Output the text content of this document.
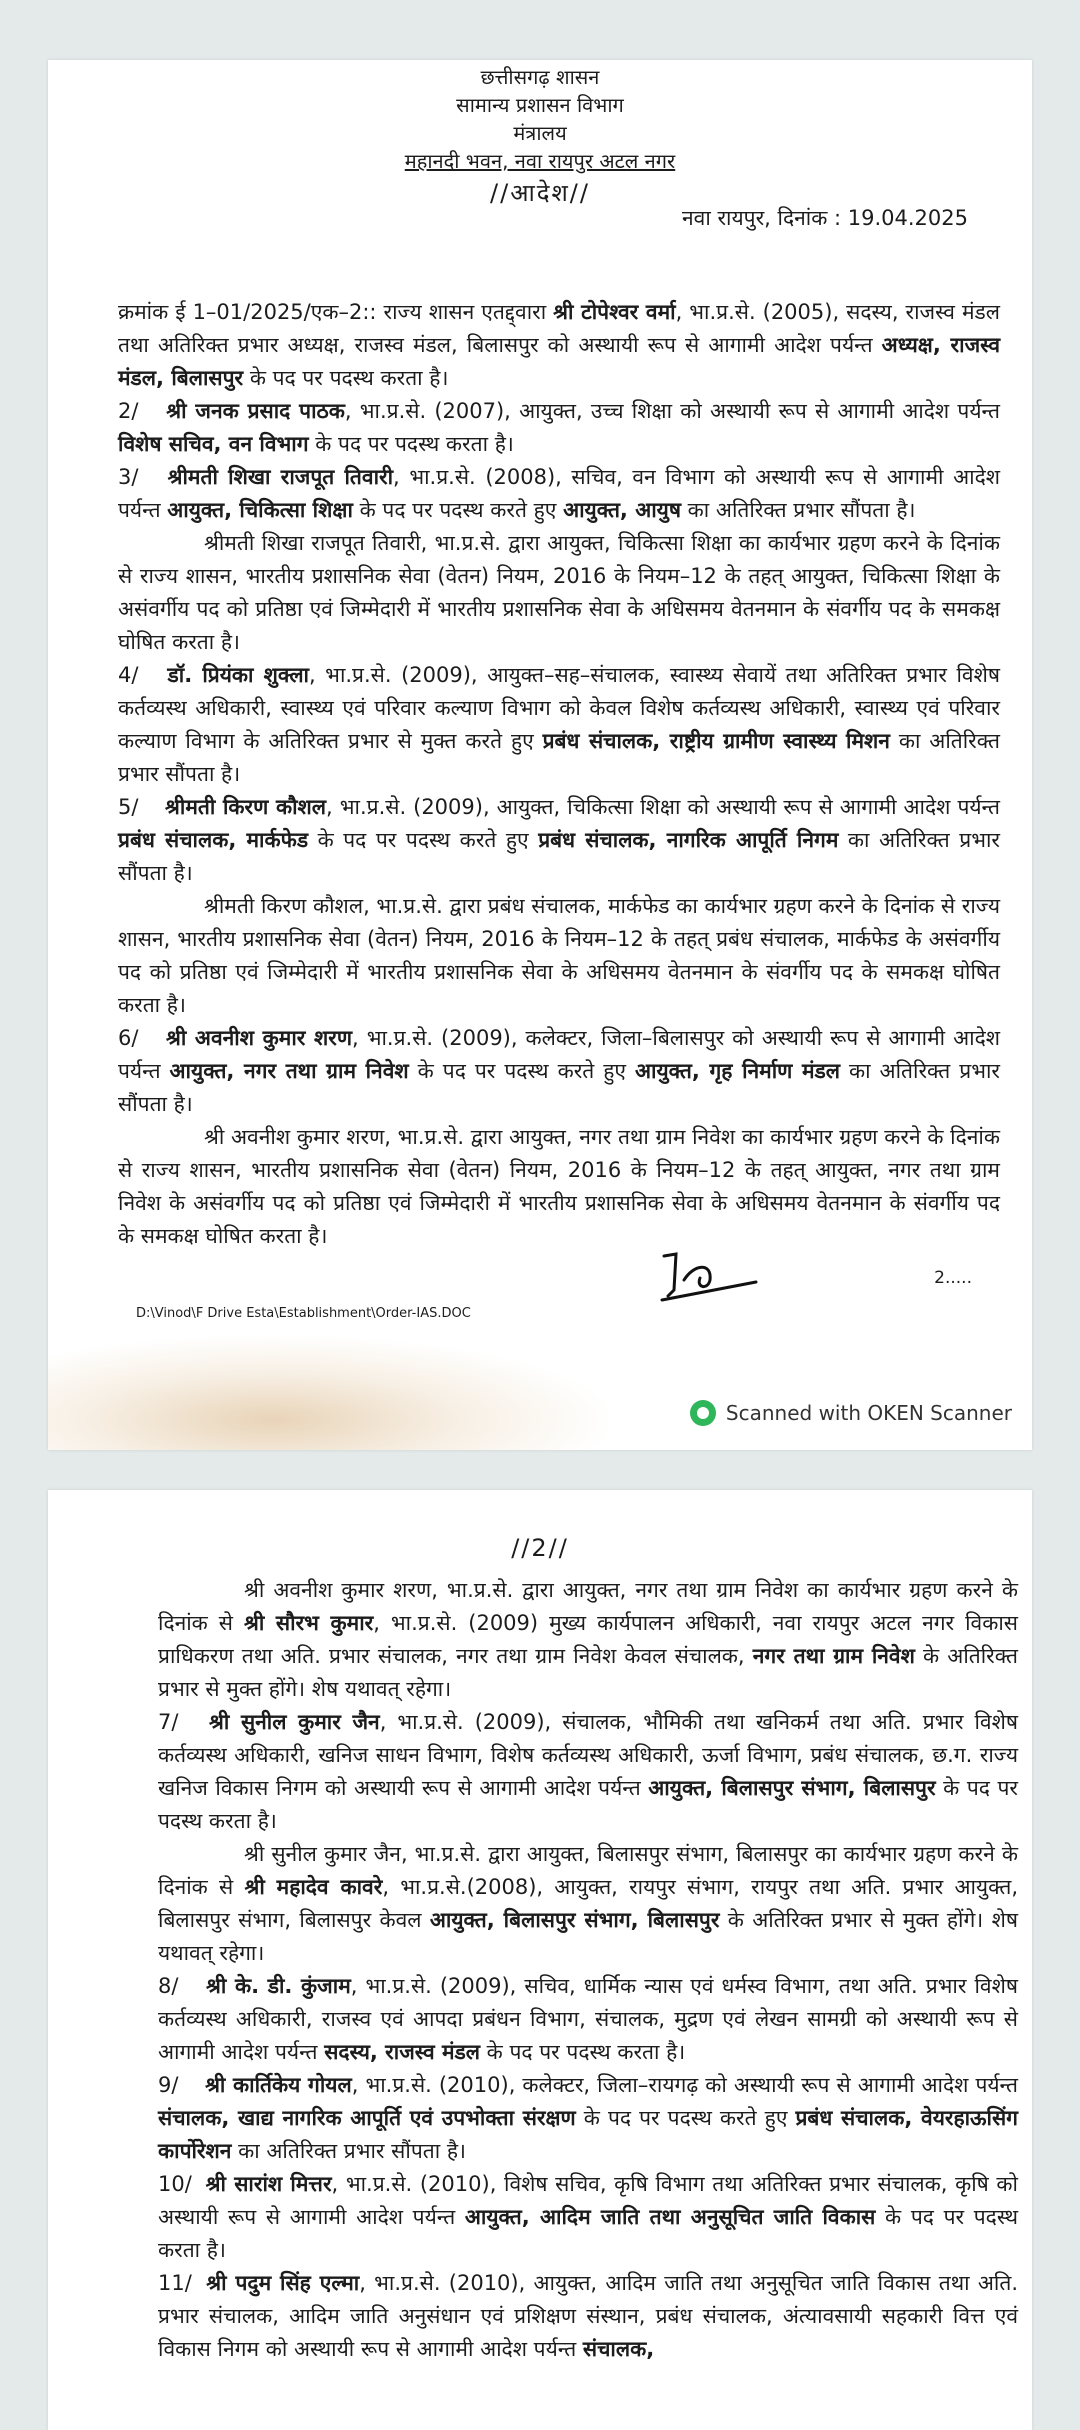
छत्तीसगढ़ शासन
सामान्य प्रशासन विभाग
मंत्रालय
महानदी भवन, नवा रायपुर अटल नगर
//आदेश//
नवा रायपुर, दिनांक : 19.04.2025

क्रमांक ई 1–01/2025/एक–2:: राज्य शासन एतद्द्वारा श्री टोपेश्वर वर्मा, भा.प्र.से. (2005), सदस्य, राजस्व मंडल तथा अतिरिक्त प्रभार अध्यक्ष, राजस्व मंडल, बिलासपुर को अस्थायी रूप से आगामी आदेश पर्यन्त अध्यक्ष, राजस्व मंडल, बिलासपुर के पद पर पदस्थ करता है।

2/ श्री जनक प्रसाद पाठक, भा.प्र.से. (2007), आयुक्त, उच्च शिक्षा को अस्थायी रूप से आगामी आदेश पर्यन्त विशेष सचिव, वन विभाग के पद पर पदस्थ करता है।

3/ श्रीमती शिखा राजपूत तिवारी, भा.प्र.से. (2008), सचिव, वन विभाग को अस्थायी रूप से आगामी आदेश पर्यन्त आयुक्त, चिकित्सा शिक्षा के पद पर पदस्थ करते हुए आयुक्त, आयुष का अतिरिक्त प्रभार सौंपता है।

श्रीमती शिखा राजपूत तिवारी, भा.प्र.से. द्वारा आयुक्त, चिकित्सा शिक्षा का कार्यभार ग्रहण करने के दिनांक से राज्य शासन, भारतीय प्रशासनिक सेवा (वेतन) नियम, 2016 के नियम–12 के तहत् आयुक्त, चिकित्सा शिक्षा के असंवर्गीय पद को प्रतिष्ठा एवं जिम्मेदारी में भारतीय प्रशासनिक सेवा के अधिसमय वेतनमान के संवर्गीय पद के समकक्ष घोषित करता है।

4/ डॉ. प्रियंका शुक्ला, भा.प्र.से. (2009), आयुक्त–सह–संचालक, स्वास्थ्य सेवायें तथा अतिरिक्त प्रभार विशेष कर्तव्यस्थ अधिकारी, स्वास्थ्य एवं परिवार कल्याण विभाग को केवल विशेष कर्तव्यस्थ अधिकारी, स्वास्थ्य एवं परिवार कल्याण विभाग के अतिरिक्त प्रभार से मुक्त करते हुए प्रबंध संचालक, राष्ट्रीय ग्रामीण स्वास्थ्य मिशन का अतिरिक्त प्रभार सौंपता है।

5/ श्रीमती किरण कौशल, भा.प्र.से. (2009), आयुक्त, चिकित्सा शिक्षा को अस्थायी रूप से आगामी आदेश पर्यन्त प्रबंध संचालक, मार्कफेड के पद पर पदस्थ करते हुए प्रबंध संचालक, नागरिक आपूर्ति निगम का अतिरिक्त प्रभार सौंपता है।

श्रीमती किरण कौशल, भा.प्र.से. द्वारा प्रबंध संचालक, मार्कफेड का कार्यभार ग्रहण करने के दिनांक से राज्य शासन, भारतीय प्रशासनिक सेवा (वेतन) नियम, 2016 के नियम–12 के तहत् प्रबंध संचालक, मार्कफेड के असंवर्गीय पद को प्रतिष्ठा एवं जिम्मेदारी में भारतीय प्रशासनिक सेवा के अधिसमय वेतनमान के संवर्गीय पद के समकक्ष घोषित करता है।

6/ श्री अवनीश कुमार शरण, भा.प्र.से. (2009), कलेक्टर, जिला–बिलासपुर को अस्थायी रूप से आगामी आदेश पर्यन्त आयुक्त, नगर तथा ग्राम निवेश के पद पर पदस्थ करते हुए आयुक्त, गृह निर्माण मंडल का अतिरिक्त प्रभार सौंपता है।

श्री अवनीश कुमार शरण, भा.प्र.से. द्वारा आयुक्त, नगर तथा ग्राम निवेश का कार्यभार ग्रहण करने के दिनांक से राज्य शासन, भारतीय प्रशासनिक सेवा (वेतन) नियम, 2016 के नियम–12 के तहत् आयुक्त, नगर तथा ग्राम निवेश के असंवर्गीय पद को प्रतिष्ठा एवं जिम्मेदारी में भारतीय प्रशासनिक सेवा के अधिसमय वेतनमान के संवर्गीय पद के समकक्ष घोषित करता है।

2.....
D:\Vinod\F Drive Esta\Establishment\Order-IAS.DOC
Scanned with OKEN Scanner
//2//

श्री अवनीश कुमार शरण, भा.प्र.से. द्वारा आयुक्त, नगर तथा ग्राम निवेश का कार्यभार ग्रहण करने के दिनांक से श्री सौरभ कुमार, भा.प्र.से. (2009) मुख्य कार्यपालन अधिकारी, नवा रायपुर अटल नगर विकास प्राधिकरण तथा अति. प्रभार संचालक, नगर तथा ग्राम निवेश केवल संचालक, नगर तथा ग्राम निवेश के अतिरिक्त प्रभार से मुक्त होंगे। शेष यथावत् रहेगा।

7/ श्री सुनील कुमार जैन, भा.प्र.से. (2009), संचालक, भौमिकी तथा खनिकर्म तथा अति. प्रभार विशेष कर्तव्यस्थ अधिकारी, खनिज साधन विभाग, विशेष कर्तव्यस्थ अधिकारी, ऊर्जा विभाग, प्रबंध संचालक, छ.ग. राज्य खनिज विकास निगम को अस्थायी रूप से आगामी आदेश पर्यन्त आयुक्त, बिलासपुर संभाग, बिलासपुर के पद पर पदस्थ करता है।

श्री सुनील कुमार जैन, भा.प्र.से. द्वारा आयुक्त, बिलासपुर संभाग, बिलासपुर का कार्यभार ग्रहण करने के दिनांक से श्री महादेव कावरे, भा.प्र.से.(2008), आयुक्त, रायपुर संभाग, रायपुर तथा अति. प्रभार आयुक्त, बिलासपुर संभाग, बिलासपुर केवल आयुक्त, बिलासपुर संभाग, बिलासपुर के अतिरिक्त प्रभार से मुक्त होंगे। शेष यथावत् रहेगा।

8/ श्री के. डी. कुंजाम, भा.प्र.से. (2009), सचिव, धार्मिक न्यास एवं धर्मस्व विभाग, तथा अति. प्रभार विशेष कर्तव्यस्थ अधिकारी, राजस्व एवं आपदा प्रबंधन विभाग, संचालक, मुद्रण एवं लेखन सामग्री को अस्थायी रूप से आगामी आदेश पर्यन्त सदस्य, राजस्व मंडल के पद पर पदस्थ करता है।

9/ श्री कार्तिकेय गोयल, भा.प्र.से. (2010), कलेक्टर, जिला–रायगढ़ को अस्थायी रूप से आगामी आदेश पर्यन्त संचालक, खाद्य नागरिक आपूर्ति एवं उपभोक्ता संरक्षण के पद पर पदस्थ करते हुए प्रबंध संचालक, वेयरहाऊसिंग कार्पोरेशन का अतिरिक्त प्रभार सौंपता है।

10/ श्री सारांश मित्तर, भा.प्र.से. (2010), विशेष सचिव, कृषि विभाग तथा अतिरिक्त प्रभार संचालक, कृषि को अस्थायी रूप से आगामी आदेश पर्यन्त आयुक्त, आदिम जाति तथा अनुसूचित जाति विकास के पद पर पदस्थ करता है।

11/ श्री पदुम सिंह एल्मा, भा.प्र.से. (2010), आयुक्त, आदिम जाति तथा अनुसूचित जाति विकास तथा अति. प्रभार संचालक, आदिम जाति अनुसंधान एवं प्रशिक्षण संस्थान, प्रबंध संचालक, अंत्यावसायी सहकारी वित्त एवं विकास निगम को अस्थायी रूप से आगामी आदेश पर्यन्त संचालक,
